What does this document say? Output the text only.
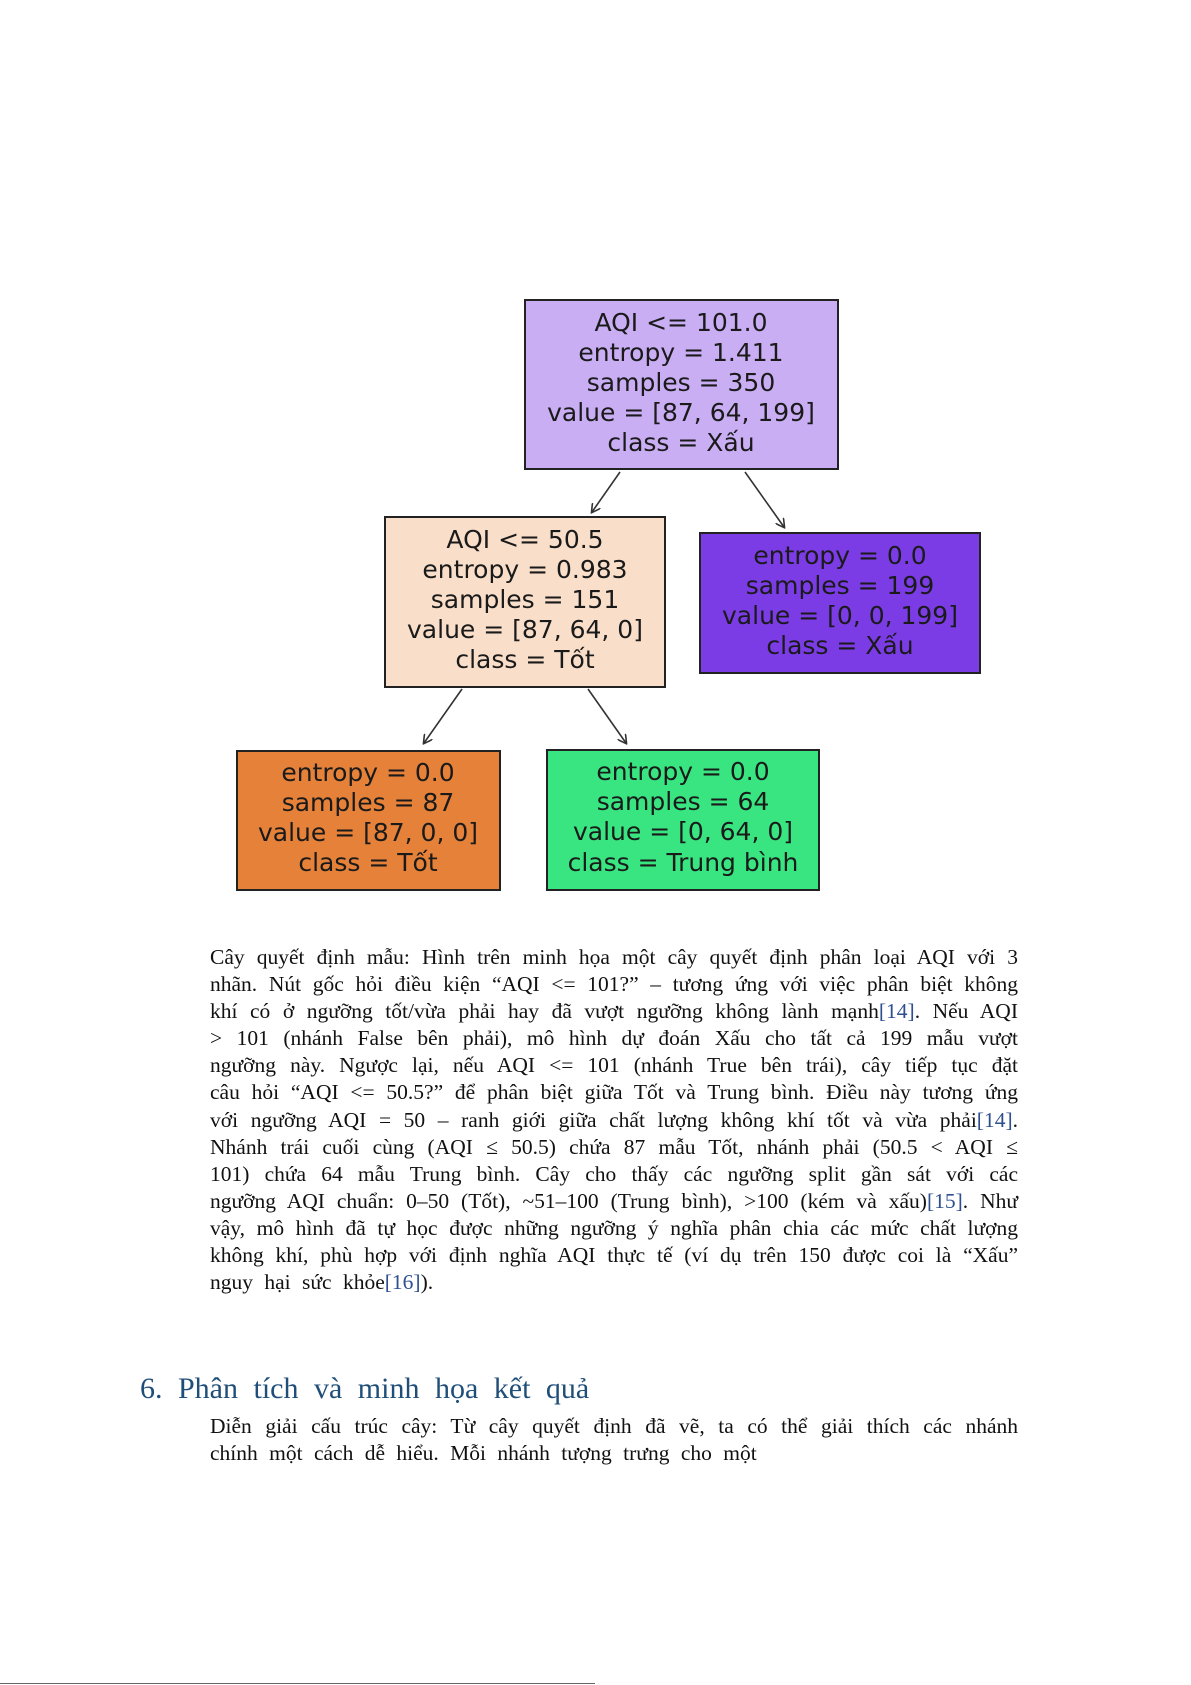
AQI <= 101.0
entropy = 1.411
samples = 350
value = [87, 64, 199]
class = Xấu
AQI <= 50.5
entropy = 0.983
samples = 151
value = [87, 64, 0]
class = Tốt
entropy = 0.0
samples = 199
value = [0, 0, 199]
class = Xấu
entropy = 0.0
samples = 87
value = [87, 0, 0]
class = Tốt
entropy = 0.0
samples = 64
value = [0, 64, 0]
class = Trung bình

Cây quyết định mẫu: Hình trên minh họa một cây quyết định phân loại AQI với 3 nhãn. Nút gốc hỏi điều kiện “AQI <= 101?” – tương ứng với việc phân biệt không khí có ở ngưỡng tốt/vừa phải hay đã vượt ngưỡng không lành mạnh[14]. Nếu AQI > 101 (nhánh False bên phải), mô hình dự đoán Xấu cho tất cả 199 mẫu vượt ngưỡng này. Ngược lại, nếu AQI <= 101 (nhánh True bên trái), cây tiếp tục đặt câu hỏi “AQI <= 50.5?” để phân biệt giữa Tốt và Trung bình. Điều này tương ứng với ngưỡng AQI = 50 – ranh giới giữa chất lượng không khí tốt và vừa phải[14]. Nhánh trái cuối cùng (AQI ≤ 50.5) chứa 87 mẫu Tốt, nhánh phải (50.5 < AQI ≤ 101) chứa 64 mẫu Trung bình. Cây cho thấy các ngưỡng split gần sát với các ngưỡng AQI chuẩn: 0–50 (Tốt), ~51–100 (Trung bình), >100 (kém và xấu)[15]. Như vậy, mô hình đã tự học được những ngưỡng ý nghĩa phân chia các mức chất lượng không khí, phù hợp với định nghĩa AQI thực tế (ví dụ trên 150 được coi là “Xấu” nguy hại sức khỏe[16]).

6. Phân tích và minh họa kết quả

Diễn giải cấu trúc cây: Từ cây quyết định đã vẽ, ta có thể giải thích các nhánh chính một cách dễ hiểu. Mỗi nhánh tượng trưng cho một
